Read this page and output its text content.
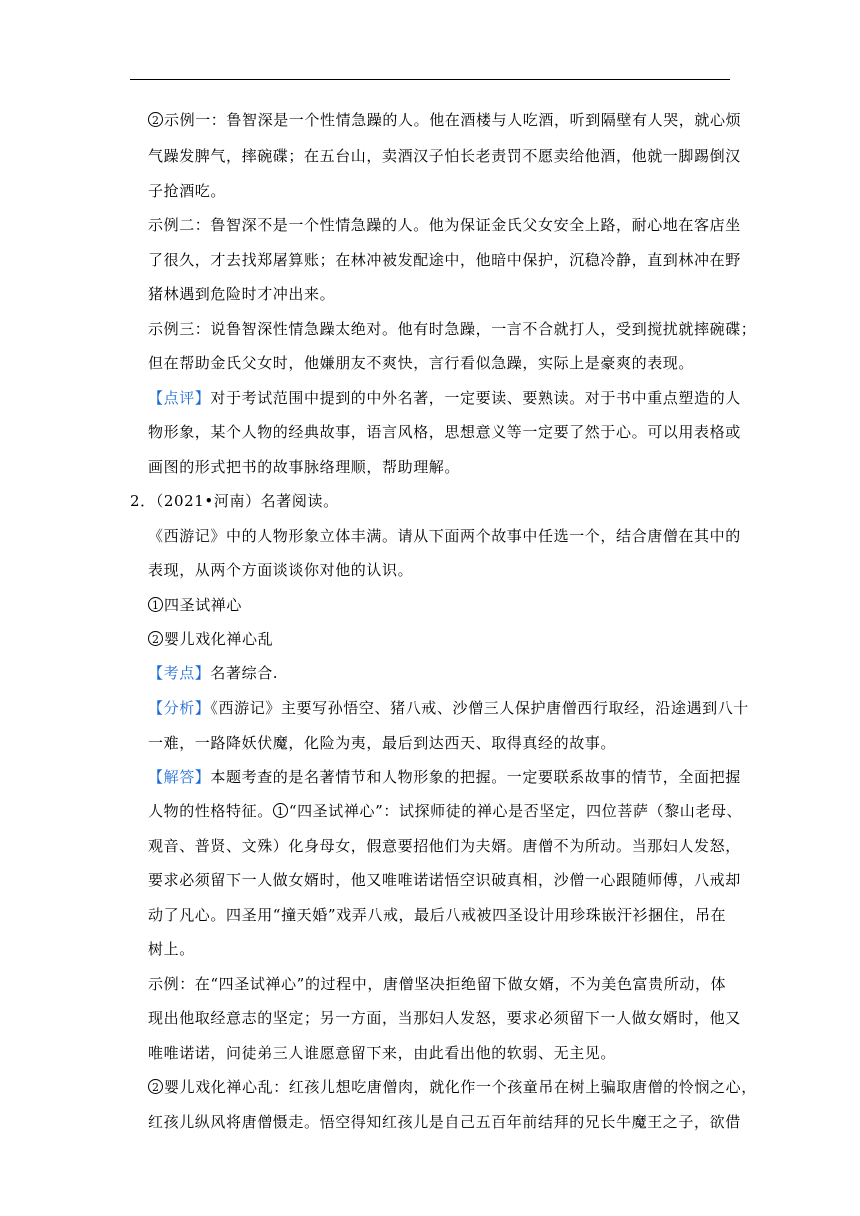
2 示例一：鲁智深是一个性情急躁的人。他在酒楼与人吃酒，听到隔壁有人哭，就心烦
气躁发脾气，摔碗碟；在五台山，卖酒汉子怕长老责罚不愿卖给他酒，他就一脚踢倒汉
子抢酒吃。
示例二：鲁智深不是一个性情急躁的人。他为保证金氏父女安全上路，耐心地在客店坐
了很久，才去找郑屠算账；在林冲被发配途中，他暗中保护，沉稳冷静，直到林冲在野
猪林遇到危险时才冲出来。
示例三：说鲁智深性情急躁太绝对。他有时急躁，一言不合就打人，受到搅扰就摔碗碟；
但在帮助金氏父女时，他嫌朋友不爽快，言行看似急躁，实际上是豪爽的表现。
【点评】对于考试范围中提到的中外名著，一定要读、要熟读。对于书中重点塑造的人
物形象，某个人物的经典故事，语言风格，思想意义等一定要了然于心。可以用表格或
画图的形式把书的故事脉络理顺，帮助理解。
2．（2021•河南）名著阅读。
《西游记》中的人物形象立体丰满。请从下面两个故事中任选一个，结合唐僧在其中的
表现，从两个方面谈谈你对他的认识。
1 四圣试禅心
2 婴儿戏化禅心乱
【考点】名著综合.
【分析】《西游记》主要写孙悟空、猪八戒、沙僧三人保护唐僧西行取经，沿途遇到八十
一难，一路降妖伏魔，化险为夷，最后到达西天、取得真经的故事。
【解答】本题考查的是名著情节和人物形象的把握。一定要联系故事的情节，全面把握
人物的性格特征。 1 “四圣试禅心”：试探师徒的禅心是否坚定，四位菩萨（黎山老母、
观音、普贤、文殊）化身母女，假意要招他们为夫婿。唐僧不为所动。当那妇人发怒，
要求必须留下一人做女婿时，他又唯唯诺诺悟空识破真相，沙僧一心跟随师傅，八戒却
动了凡心。四圣用“撞天婚”戏弄八戒，最后八戒被四圣设计用珍珠嵌汗衫捆住，吊在
树上。
示例：在“四圣试禅心”的过程中，唐僧坚决拒绝留下做女婿，不为美色富贵所动，体
现出他取经意志的坚定；另一方面，当那妇人发怒，要求必须留下一人做女婿时，他又
唯唯诺诺，问徒弟三人谁愿意留下来，由此看出他的软弱、无主见。
2 婴儿戏化禅心乱：红孩儿想吃唐僧肉，就化作一个孩童吊在树上骗取唐僧的怜悯之心，
红孩儿纵风将唐僧慑走。悟空得知红孩儿是自己五百年前结拜的兄长牛魔王之子，欲借
